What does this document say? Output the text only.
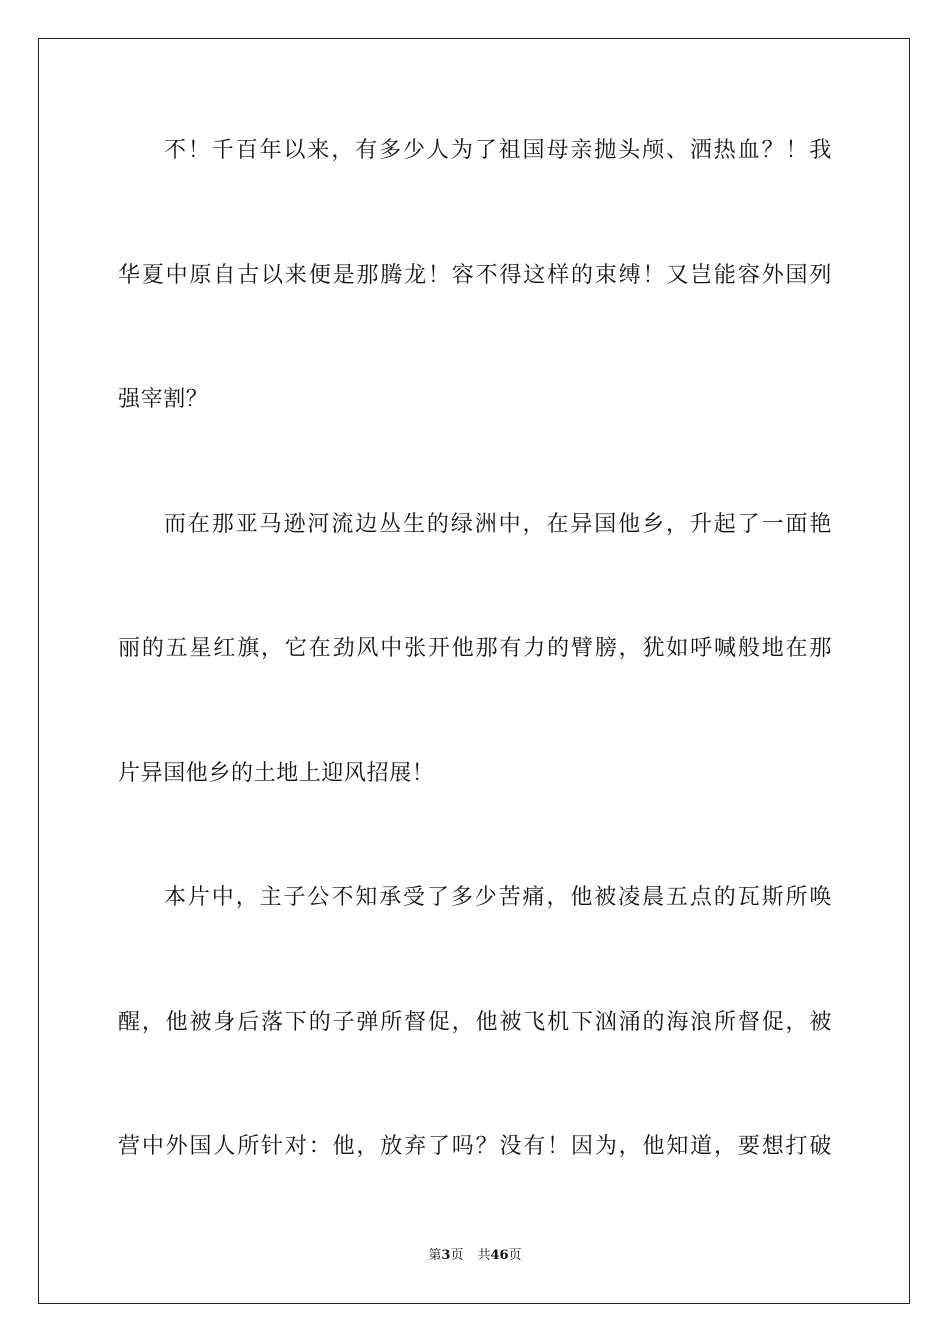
不！千百年以来，有多少人为了祖国母亲抛头颅、洒热血？！我
华夏中原自古以来便是那腾龙！容不得这样的束缚！又岂能容外国列
强宰割？
而在那亚马逊河流边丛生的绿洲中，在异国他乡，升起了一面艳
丽的五星红旗，它在劲风中张开他那有力的臂膀，犹如呼喊般地在那
片异国他乡的土地上迎风招展！
本片中，主子公不知承受了多少苦痛，他被凌晨五点的瓦斯所唤
醒，他被身后落下的子弹所督促，他被飞机下汹涌的海浪所督促，被
营中外国人所针对：他，放弃了吗？没有！因为，他知道，要想打破
第3页 共46页
